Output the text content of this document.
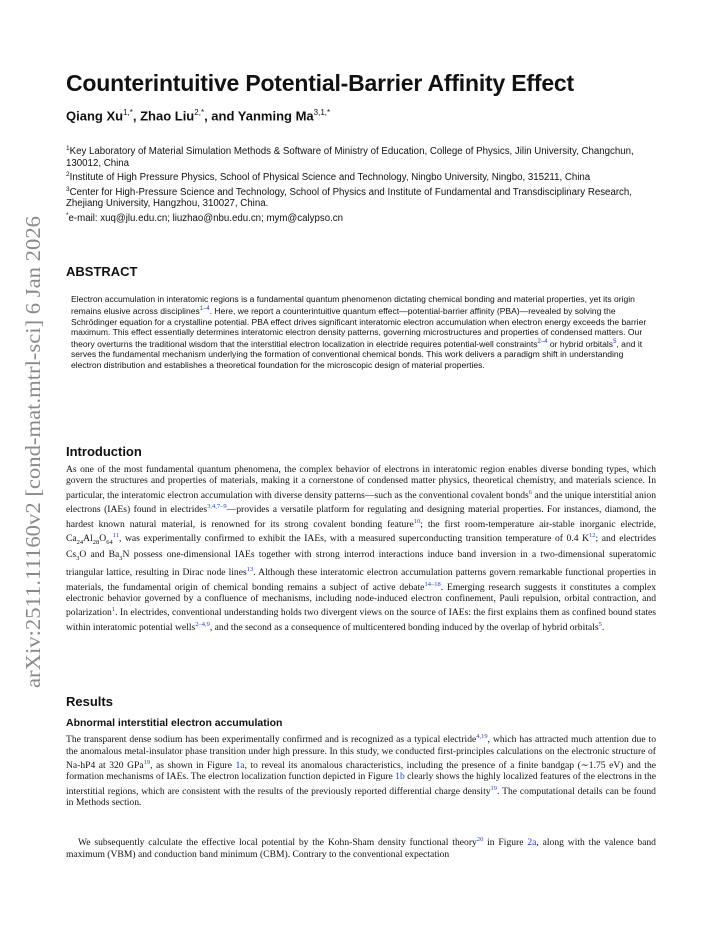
arXiv:2511.11160v2 [cond-mat.mtrl-sci] 6 Jan 2026
Counterintuitive Potential-Barrier Affinity Effect

Qiang $Xu^{1,*}$, Zhao Liu$^{2,*}$, and Yanming $Ma^{3,1,*}$

$^1$Key Laboratory of Material Simulation Methods & Software of Ministry of Education, College of Physics, Jilin University, Changchun, 130012, China

$^2$Institute of High Pressure Physics, School of Physical Science and Technology, Ningbo University, Ningbo, 315211, China

$^3$Center for High-Pressure Science and Technology, School of Physics and Institute of Fundamental and Transdisciplinary Research, Zhejiang University, Hangzhou, 310027, China.

*e-mail: xuq@jlu.edu.cn; liuzhao@nbu.edu.cn; mym@calypso.cn

ABSTRACT

Electron accumulation in interatomic regions is a fundamental quantum phenomenon dictating chemical bonding and material properties, yet its origin remains elusive across disciplines$^{1-4}$. Here, we report a counterintuitive quantum effect—potential-barrier affinity (PBA)—revealed by solving the Schrödinger equation for a crystalline potential. PBA effect drives significant interatomic electron accumulation when electron energy exceeds the barrier maximum. This effect essentially determines interatomic electron density patterns, governing microstructures and properties of condensed matters. Our theory overturns the traditional wisdom that the interstitial electron localization in electride requires potential-well constraints$^{2-4}$ or hybrid orbitals$^5$, and it serves the fundamental mechanism underlying the formation of conventional chemical bonds. This work delivers a paradigm shift in understanding electron distribution and establishes a theoretical foundation for the microscopic design of material properties.

Introduction

As one of the most fundamental quantum phenomena, the complex behavior of electrons in interatomic region enables diverse bonding types, which govern the structures and properties of materials, making it a cornerstone of condensed matter physics, theoretical chemistry, and materials science. In particular, the interatomic electron accumulation with diverse density patterns—such as the conventional covalent bonds$^6$ and the unique interstitial anion electrons (IAEs) found in electrides$^{3,4,7-9}$—provides a versatile platform for regulating and designing material properties. For instances, diamond, the hardest known natural material, is renowned for its strong covalent bonding feature$^{10}$; the first room-temperature air-stable inorganic electride, $Ca_{24}Al_{28}O_{64}^{11}$, was experimentally confirmed to exhibit the IAEs, with a measured superconducting transition temperature of 0.4 $K^{12}$; and electrides $Cs_3O$ and $Ba_3N$ possess one-dimensional IAEs together with strong interrod interactions induce band inversion in a two-dimensional superatomic triangular lattice, resulting in Dirac node lines$^{13}$. Although these interatomic electron accumulation patterns govern remarkable functional properties in materials, the fundamental origin of chemical bonding remains a subject of active debate$^{14-18}$. Emerging research suggests it constitutes a complex electronic behavior governed by a confluence of mechanisms, including node-induced electron confinement, Pauli repulsion, orbital contraction, and polarization$^1$. In electrides, conventional understanding holds two divergent views on the source of IAEs: the first explains them as confined bound states within interatomic potential wells$^{2-4,9}$, and the second as a consequence of multicentered bonding induced by the overlap of hybrid orbitals$^5$.

Results
Abnormal interstitial electron accumulation

The transparent dense sodium has been experimentally confirmed and is recognized as a typical electride$^{4,19}$, which has attracted much attention due to the anomalous metal-insulator phase transition under high pressure. In this study, we conducted first-principles calculations on the electronic structure of Na-hP4 at 320 GPa$^{19}$, as shown in Figure 1a, to reveal its anomalous characteristics, including the presence of a finite bandgap (∼1.75 eV) and the formation mechanisms of IAEs. The electron localization function depicted in Figure 1b clearly shows the highly localized features of the electrons in the interstitial regions, which are consistent with the results of the previously reported differential charge density$^{19}$. The computational details can be found in Methods section.

We subsequently calculate the effective local potential by the Kohn-Sham density functional theory$^{20}$ in Figure 2a, along with the valence band maximum (VBM) and conduction band minimum (CBM). Contrary to the conventional expectation
